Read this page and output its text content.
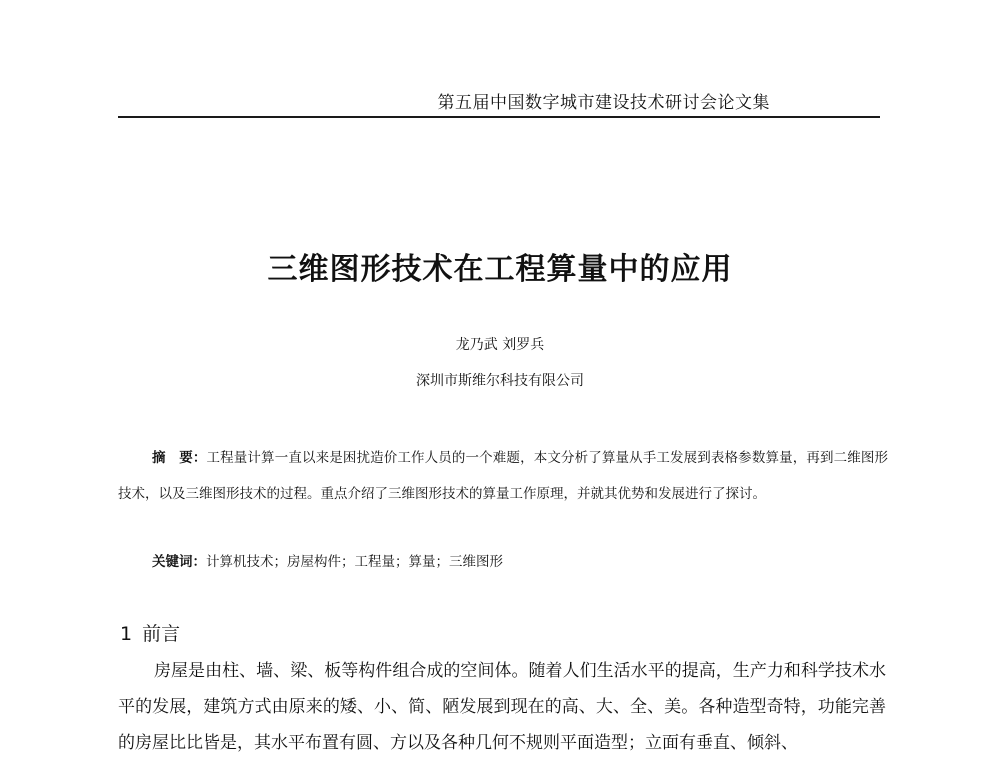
第五届中国数字城市建设技术研讨会论文集
三维图形技术在工程算量中的应用
龙乃武 刘罗兵
深圳市斯维尔科技有限公司

摘　要：工程量计算一直以来是困扰造价工作人员的一个难题，本文分析了算量从手工发展到表格参数算量，再到二维图形技术，以及三维图形技术的过程。重点介绍了三维图形技术的算量工作原理，并就其优势和发展进行了探讨。

关键词：计算机技术；房屋构件；工程量；算量；三维图形
1 前言

房屋是由柱、墙、梁、板等构件组合成的空间体。随着人们生活水平的提高，生产力和科学技术水平的发展，建筑方式由原来的矮、小、简、陋发展到现在的高、大、全、美。各种造型奇特，功能完善的房屋比比皆是，其水平布置有圆、方以及各种几何不规则平面造型；立面有垂直、倾斜、
